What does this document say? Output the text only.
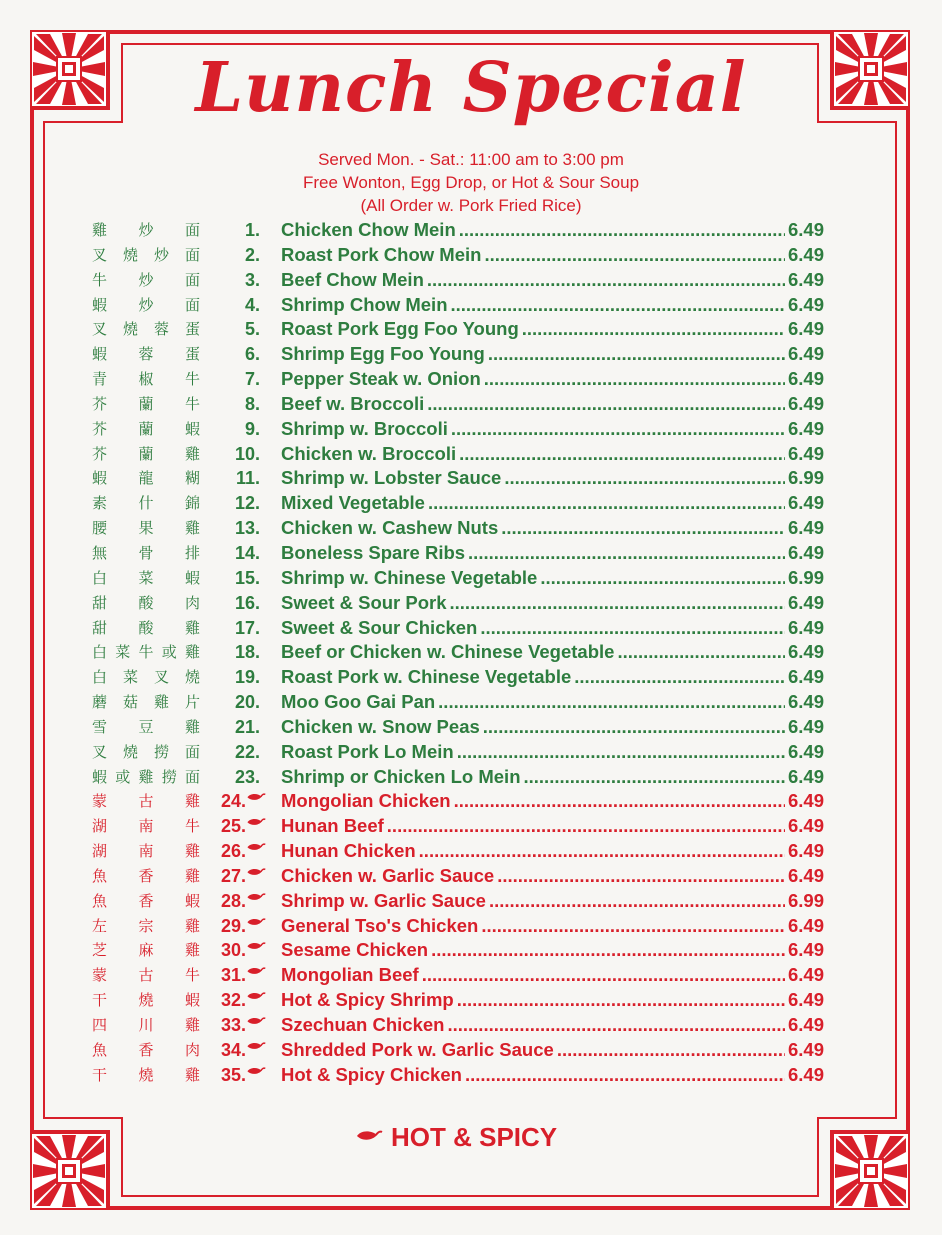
Lunch Special
Served Mon. - Sat.: 11:00 am to 3:00 pm
Free Wonton, Egg Drop, or Hot & Sour Soup
(All Order w. Pork Fried Rice)
雞 炒 面	1. Chicken Chow Mein .....	6.49
叉 燒 炒 面	2. Roast Pork Chow Mein .....	6.49
牛 炒 面	3. Beef Chow Mein .....	6.49
蝦 炒 面	4. Shrimp Chow Mein .....	6.49
叉 燒 蓉 蛋	5. Roast Pork Egg Foo Young .....	6.49
蝦 蓉 蛋	6. Shrimp Egg Foo Young .....	6.49
青 椒 牛	7. Pepper Steak w. Onion .....	6.49
芥 蘭 牛	8. Beef w. Broccoli .....	6.49
芥 蘭 蝦	9. Shrimp w. Broccoli .....	6.49
芥 蘭 雞	10. Chicken w. Broccoli .....	6.49
蝦 龍 糊	11. Shrimp w. Lobster Sauce .....	6.99
素 什 錦	12. Mixed Vegetable .....	6.49
腰 果 雞	13. Chicken w. Cashew Nuts .....	6.49
無 骨 排	14. Boneless Spare Ribs .....	6.49
白 菜 蝦	15. Shrimp w. Chinese Vegetable .....	6.99
甜 酸 肉	16. Sweet & Sour Pork .....	6.49
甜 酸 雞	17. Sweet & Sour Chicken .....	6.49
白 菜 牛 或 雞	18. Beef or Chicken w. Chinese Vegetable .....	6.49
白 菜 叉 燒	19. Roast Pork w. Chinese Vegetable .....	6.49
蘑 菇 雞 片	20. Moo Goo Gai Pan .....	6.49
雪 豆 雞	21. Chicken w. Snow Peas .....	6.49
叉 燒 撈 面	22. Roast Pork Lo Mein .....	6.49
蝦 或 雞 撈 面	23. Shrimp or Chicken Lo Mein .....	6.49
蒙 古 雞	24. Mongolian Chicken .....	6.49
湖 南 牛	25. Hunan Beef .....	6.49
湖 南 雞	26. Hunan Chicken .....	6.49
魚 香 雞	27. Chicken w. Garlic Sauce .....	6.49
魚 香 蝦	28. Shrimp w. Garlic Sauce .....	6.99
左 宗 雞	29. General Tso's Chicken .....	6.49
芝 麻 雞	30. Sesame Chicken .....	6.49
蒙 古 牛	31. Mongolian Beef .....	6.49
干 燒 蝦	32. Hot & Spicy Shrimp .....	6.49
四 川 雞	33. Szechuan Chicken .....	6.49
魚 香 肉	34. Shredded Pork w. Garlic Sauce .....	6.49
干 燒 雞	35. Hot & Spicy Chicken .....	6.49
HOT & SPICY
